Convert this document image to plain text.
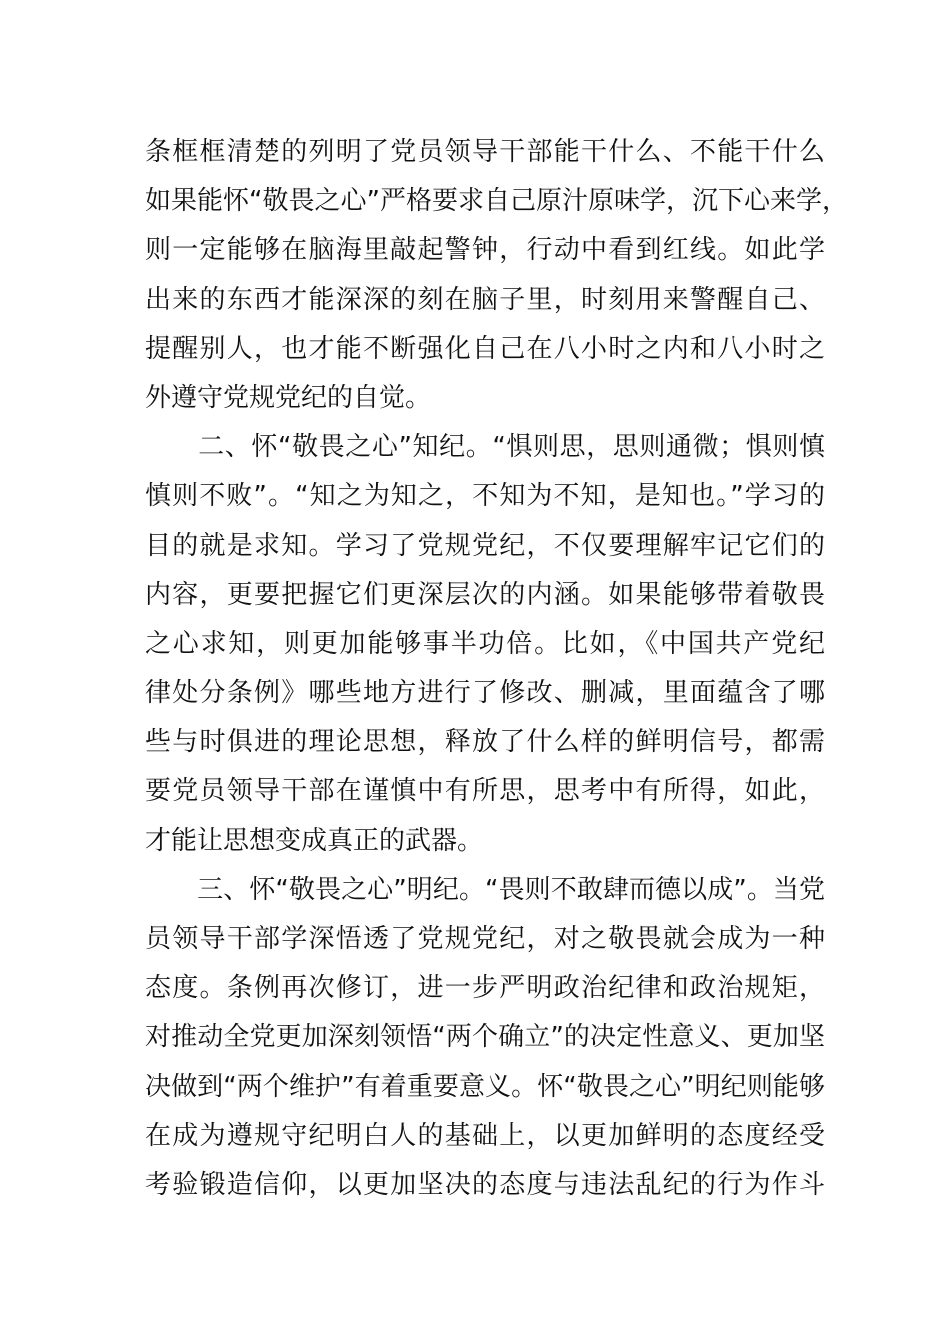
条框框清楚的列明了党员领导干部能干什么、不能干什么
如果能怀“敬畏之心”严格要求自己原汁原味学，沉下心来学，
则一定能够在脑海里敲起警钟，行动中看到红线。如此学
出来的东西才能深深的刻在脑子里，时刻用来警醒自己、
提醒别人，也才能不断强化自己在八小时之内和八小时之
外遵守党规党纪的自觉。
　　二、怀“敬畏之心”知纪。“惧则思，思则通微；惧则慎
慎则不败”。“知之为知之，不知为不知，是知也。”学习的
目的就是求知。学习了党规党纪，不仅要理解牢记它们的
内容，更要把握它们更深层次的内涵。如果能够带着敬畏
之心求知，则更加能够事半功倍。比如，《中国共产党纪
律处分条例》哪些地方进行了修改、删减，里面蕴含了哪
些与时俱进的理论思想，释放了什么样的鲜明信号，都需
要党员领导干部在谨慎中有所思，思考中有所得，如此，
才能让思想变成真正的武器。
　　三、怀“敬畏之心”明纪。“畏则不敢肆而德以成”。当党
员领导干部学深悟透了党规党纪，对之敬畏就会成为一种
态度。条例再次修订，进一步严明政治纪律和政治规矩，
对推动全党更加深刻领悟“两个确立”的决定性意义、更加坚
决做到“两个维护”有着重要意义。怀“敬畏之心”明纪则能够
在成为遵规守纪明白人的基础上，以更加鲜明的态度经受
考验锻造信仰，以更加坚决的态度与违法乱纪的行为作斗
